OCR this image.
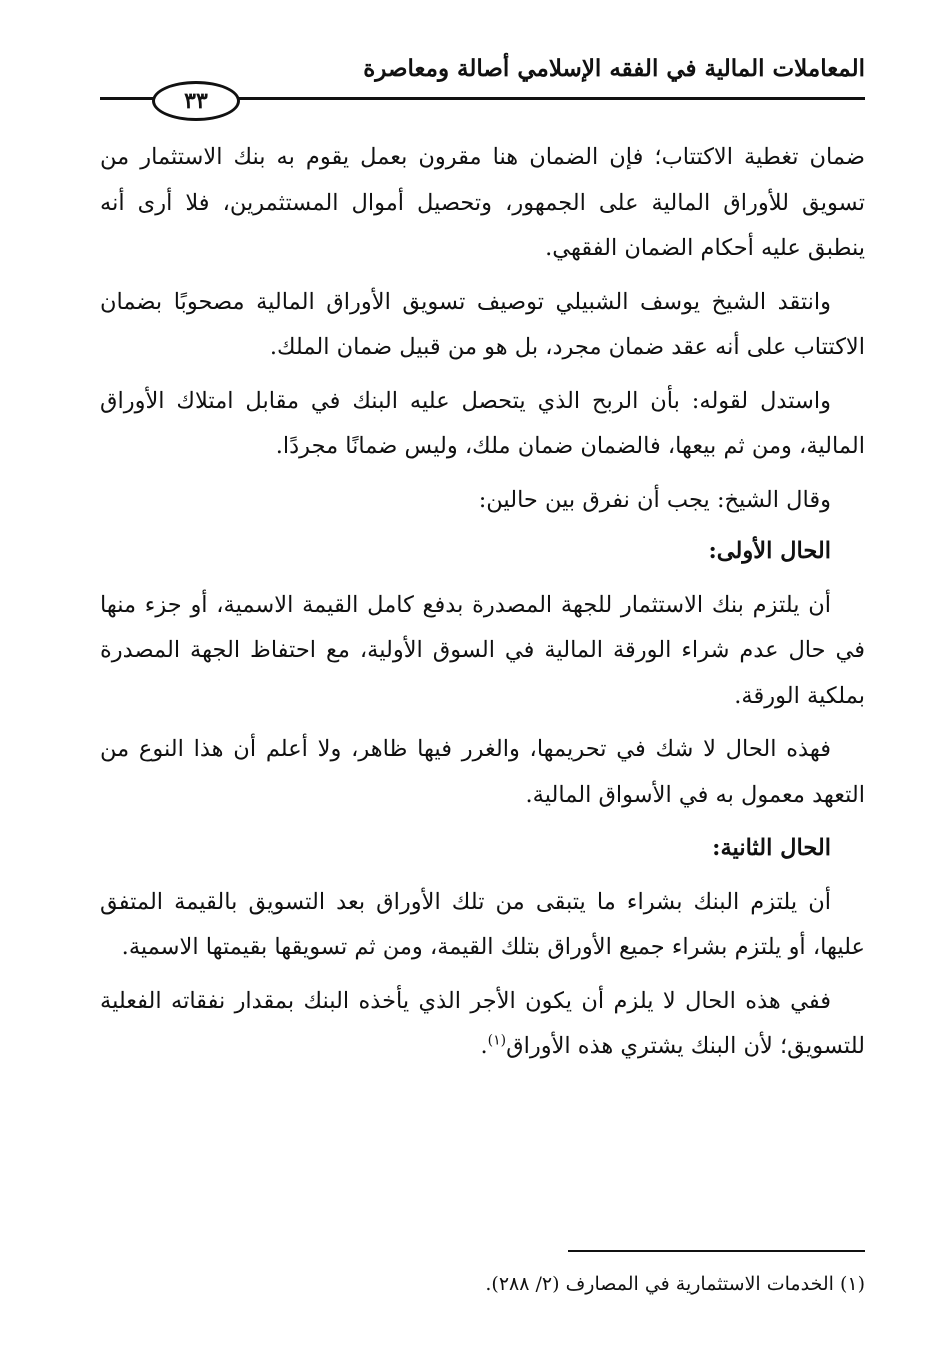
المعاملات المالية في الفقه الإسلامي أصالة ومعاصرة
٣٣

ضمان تغطية الاكتتاب؛ فإن الضمان هنا مقرون بعمل يقوم به بنك الاستثمار من تسويق للأوراق المالية على الجمهور، وتحصيل أموال المستثمرين، فلا أرى أنه ينطبق عليه أحكام الضمان الفقهي.

وانتقد الشيخ يوسف الشبيلي توصيف تسويق الأوراق المالية مصحوبًا بضمان الاكتتاب على أنه عقد ضمان مجرد، بل هو من قبيل ضمان الملك.

واستدل لقوله: بأن الربح الذي يتحصل عليه البنك في مقابل امتلاك الأوراق المالية، ومن ثم بيعها، فالضمان ضمان ملك، وليس ضمانًا مجردًا.

وقال الشيخ: يجب أن نفرق بين حالين:

الحال الأولى:

أن يلتزم بنك الاستثمار للجهة المصدرة بدفع كامل القيمة الاسمية، أو جزء منها في حال عدم شراء الورقة المالية في السوق الأولية، مع احتفاظ الجهة المصدرة بملكية الورقة.

فهذه الحال لا شك في تحريمها، والغرر فيها ظاهر، ولا أعلم أن هذا النوع من التعهد معمول به في الأسواق المالية.

الحال الثانية:

أن يلتزم البنك بشراء ما يتبقى من تلك الأوراق بعد التسويق بالقيمة المتفق عليها، أو يلتزم بشراء جميع الأوراق بتلك القيمة، ومن ثم تسويقها بقيمتها الاسمية.

ففي هذه الحال لا يلزم أن يكون الأجر الذي يأخذه البنك بمقدار نفقاته الفعلية للتسويق؛ لأن البنك يشتري هذه الأوراق$^{(١)}$.

(١) الخدمات الاستثمارية في المصارف (٢/ ٢٨٨).
